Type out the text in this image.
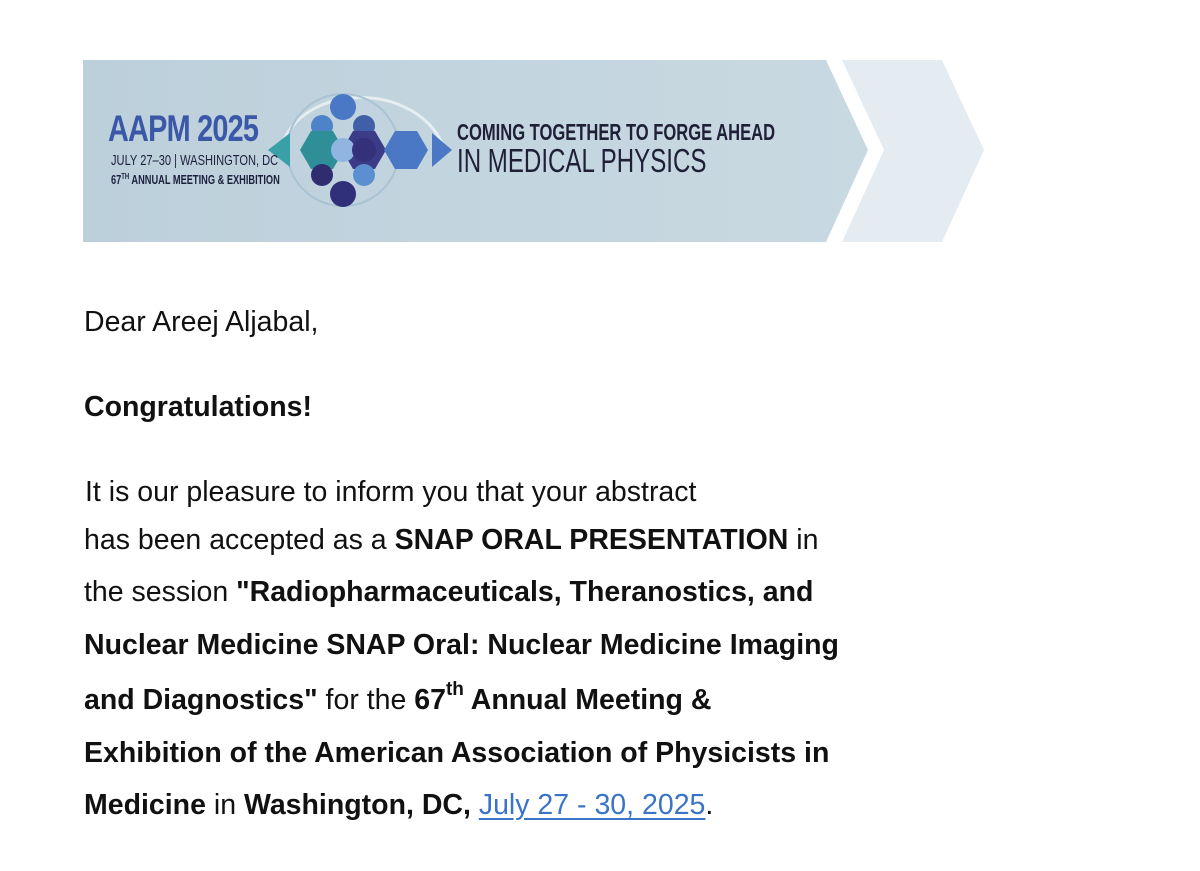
AAPM 2025
JULY 27–30 | WASHINGTON, DC
67TH ANNUAL MEETING & EXHIBITION
COMING TOGETHER TO FORGE AHEAD
IN MEDICAL PHYSICS

Dear Areej Aljabal,

Congratulations!

It is our pleasure to inform you that your abstract

has been accepted as a SNAP ORAL PRESENTATION in

the session "Radiopharmaceuticals, Theranostics, and

Nuclear Medicine SNAP Oral: Nuclear Medicine Imaging

and Diagnostics" for the 67th Annual Meeting &

Exhibition of the American Association of Physicists in

Medicine in Washington, DC, July 27 - 30, 2025.
